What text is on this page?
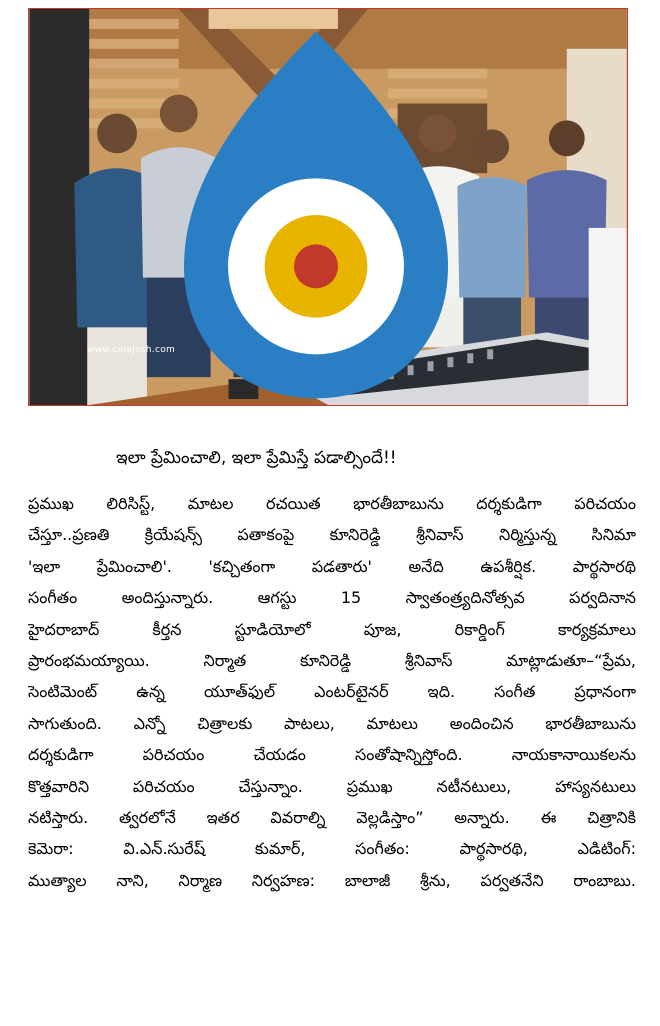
www.cinejosh.com
ఇలా ప్రేమించాలి, ఇలా ప్రేమిస్తే పడాల్సిందే!!
ప్రముఖ లిరిసిస్ట్, మాటల రచయిత భారతీబాబును దర్శకుడిగా పరిచయం
చేస్తూ..ప్రణతి క్రియేషన్స్ పతాకంపై కూనిరెడ్డి శ్రీనివాస్ నిర్మిస్తున్న సినిమా
'ఇలా ప్రేమించాలి'. 'కచ్చితంగా పడతారు' అనేది ఉపశీర్షిక. పార్థసారథి
సంగీతం అందిస్తున్నారు. ఆగస్టు 15 స్వాతంత్ర్యదినోత్సవ పర్వదినాన
హైదరాబాద్ కీర్తన స్టూడియోలో పూజ, రికార్డింగ్ కార్యక్రమాలు
ప్రారంభమయ్యాయి. నిర్మాత కూనిరెడ్డి శ్రీనివాస్ మాట్లాడుతూ–“ప్రేమ,
సెంటిమెంట్ ఉన్న యూత్‌ఫుల్ ఎంటర్‌టైనర్ ఇది. సంగీత ప్రధానంగా
సాగుతుంది. ఎన్నో చిత్రాలకు పాటలు, మాటలు అందించిన భారతీబాబును
దర్శకుడిగా పరిచయం చేయడం సంతోషాన్నిస్తోంది. నాయకానాయికలను
కొత్తవారిని పరిచయం చేస్తున్నాం. ప్రముఖ నటీనటులు, హాస్యనటులు
నటిస్తారు. త్వరలోనే ఇతర వివరాల్ని వెల్లడిస్తాం” అన్నారు. ఈ చిత్రానికి
కెమెరా: వి.ఎన్.సురేష్ కుమార్, సంగీతం: పార్థసారథి, ఎడిటింగ్:
ముత్యాల నాని, నిర్మాణ నిర్వహణ: బాలాజీ శ్రీను, పర్వతనేని రాంబాబు.
